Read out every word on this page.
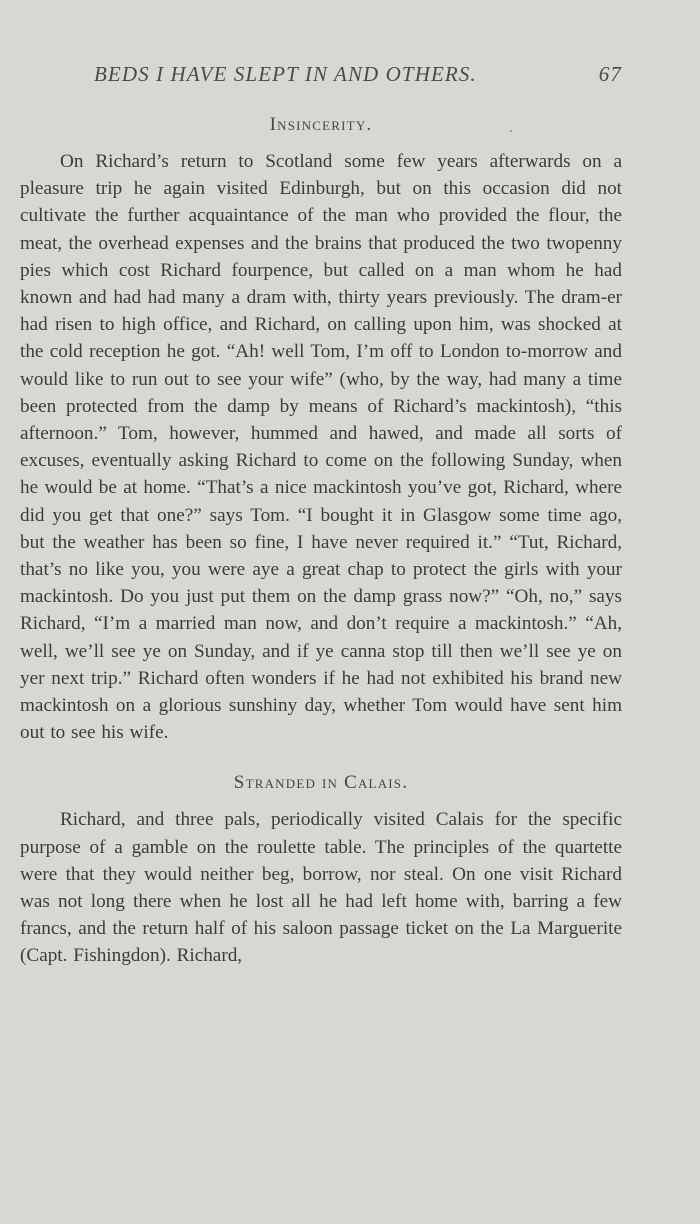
BEDS I HAVE SLEPT IN AND OTHERS.	67
Insincerity.

On Richard’s return to Scotland some few years afterwards on a pleasure trip he again visited Edinburgh, but on this occasion did not cultivate the further acquaintance of the man who provided the flour, the meat, the overhead expenses and the brains that produced the two twopenny pies which cost Richard fourpence, but called on a man whom he had known and had had many a dram with, thirty years previously. The dram-er had risen to high office, and Richard, on calling upon him, was shocked at the cold reception he got. “Ah! well Tom, I’m off to London to-morrow and would like to run out to see your wife” (who, by the way, had many a time been protected from the damp by means of Richard’s mackintosh), “this afternoon.” Tom, however, hummed and hawed, and made all sorts of excuses, eventually asking Richard to come on the following Sunday, when he would be at home. “That’s a nice mackintosh you’ve got, Richard, where did you get that one?” says Tom. “I bought it in Glasgow some time ago, but the weather has been so fine, I have never required it.” “Tut, Richard, that’s no like you, you were aye a great chap to protect the girls with your mackintosh. Do you just put them on the damp grass now?” “Oh, no,” says Richard, “I’m a married man now, and don’t require a mackintosh.” “Ah, well, we’ll see ye on Sunday, and if ye canna stop till then we’ll see ye on yer next trip.” Richard often wonders if he had not exhibited his brand new mackintosh on a glorious sunshiny day, whether Tom would have sent him out to see his wife.

Stranded in Calais.

Richard, and three pals, periodically visited Calais for the specific purpose of a gamble on the roulette table. The principles of the quartette were that they would neither beg, borrow, nor steal. On one visit Richard was not long there when he lost all he had left home with, barring a few francs, and the return half of his saloon passage ticket on the La Marguerite (Capt. Fishingdon). Richard,
